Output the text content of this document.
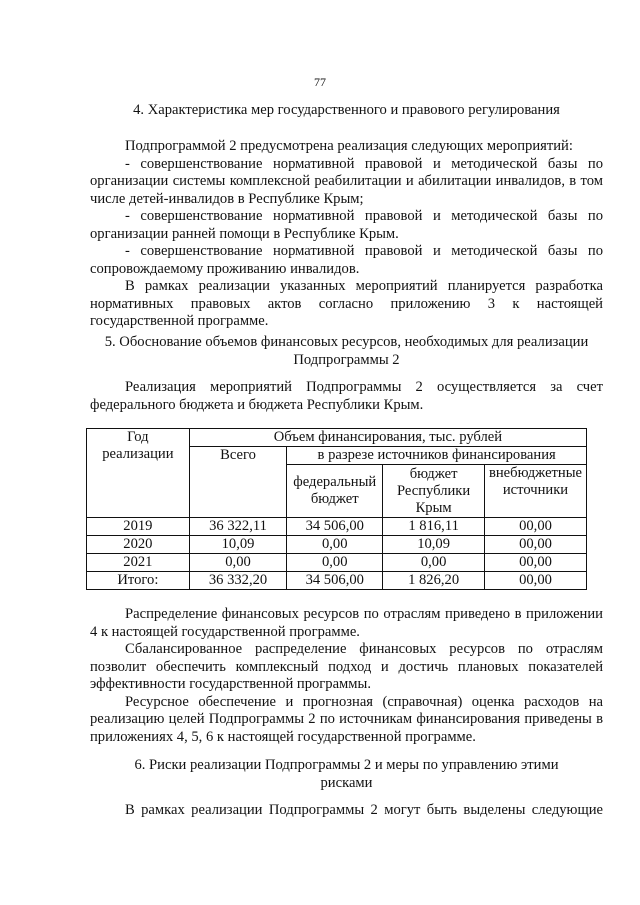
77
4. Характеристика мер государственного и правового регулирования

Подпрограммой 2 предусмотрена реализация следующих мероприятий:

- совершенствование нормативной правовой и методической базы по организации системы комплексной реабилитации и абилитации инвалидов, в том числе детей-инвалидов в Республике Крым;

- совершенствование нормативной правовой и методической базы по организации ранней помощи в Республике Крым.

- совершенствование нормативной правовой и методической базы по сопровождаемому проживанию инвалидов.

В рамках реализации указанных мероприятий планируется разработка нормативных правовых актов согласно приложению 3 к настоящей государственной программе.

5. Обоснование объемов финансовых ресурсов, необходимых для реализации
Подпрограммы 2

Реализация мероприятий Подпрограммы 2 осуществляется за счет федерального бюджета и бюджета Республики Крым.

Год реализации	Объем финансирования, тыс. рублей			
	Всего	в разрезе источников финансирования		
		федеральный бюджет	бюджет Республики Крым	внебюджетные источники
2019	36 322,11	34 506,00	1 816,11	00,00
2020	10,09	0,00	10,09	00,00
2021	0,00	0,00	0,00	00,00
Итого:	36 332,20	34 506,00	1 826,20	00,00

Распределение финансовых ресурсов по отраслям приведено в приложении 4 к настоящей государственной программе.

Сбалансированное распределение финансовых ресурсов по отраслям позволит обеспечить комплексный подход и достичь плановых показателей эффективности государственной программы.

Ресурсное обеспечение и прогнозная (справочная) оценка расходов на реализацию целей Подпрограммы 2 по источникам финансирования приведены в приложениях 4, 5, 6 к настоящей государственной программе.

6. Риски реализации Подпрограммы 2 и меры по управлению этими
рисками

В рамках реализации Подпрограммы 2 могут быть выделены следующие
